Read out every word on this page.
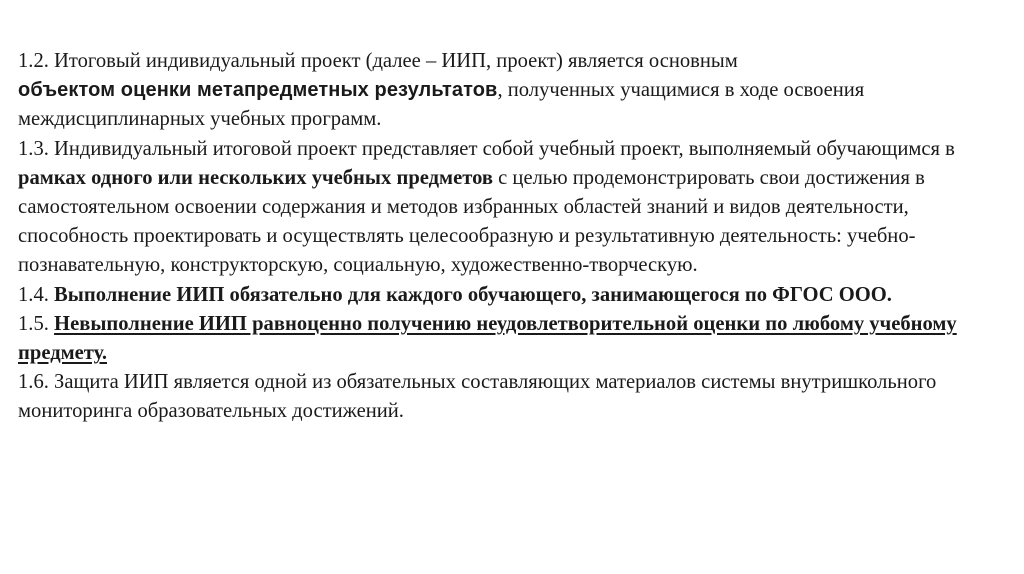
1.2. Итоговый индивидуальный проект (далее – ИИП, проект) является основным
объектом оценки метапредметных результатов, полученных учащимися в ходе освоения междисциплинарных учебных программ.

1.3. Индивидуальный итоговой проект представляет собой учебный проект, выполняемый обучающимся в рамках одного или нескольких учебных предметов с целью продемонстрировать свои достижения в самостоятельном освоении содержания и методов избранных областей знаний и видов деятельности, способность проектировать и осуществлять целесообразную и результативную деятельность: учебно-познавательную, конструкторскую, социальную, художественно-творческую.

1.4. Выполнение ИИП обязательно для каждого обучающего, занимающегося по ФГОС ООО.

1.5. Невыполнение ИИП равноценно получению неудовлетворительной оценки по любому учебному предмету.

1.6. Защита ИИП является одной из обязательных составляющих материалов системы внутришкольного мониторинга образовательных достижений.
